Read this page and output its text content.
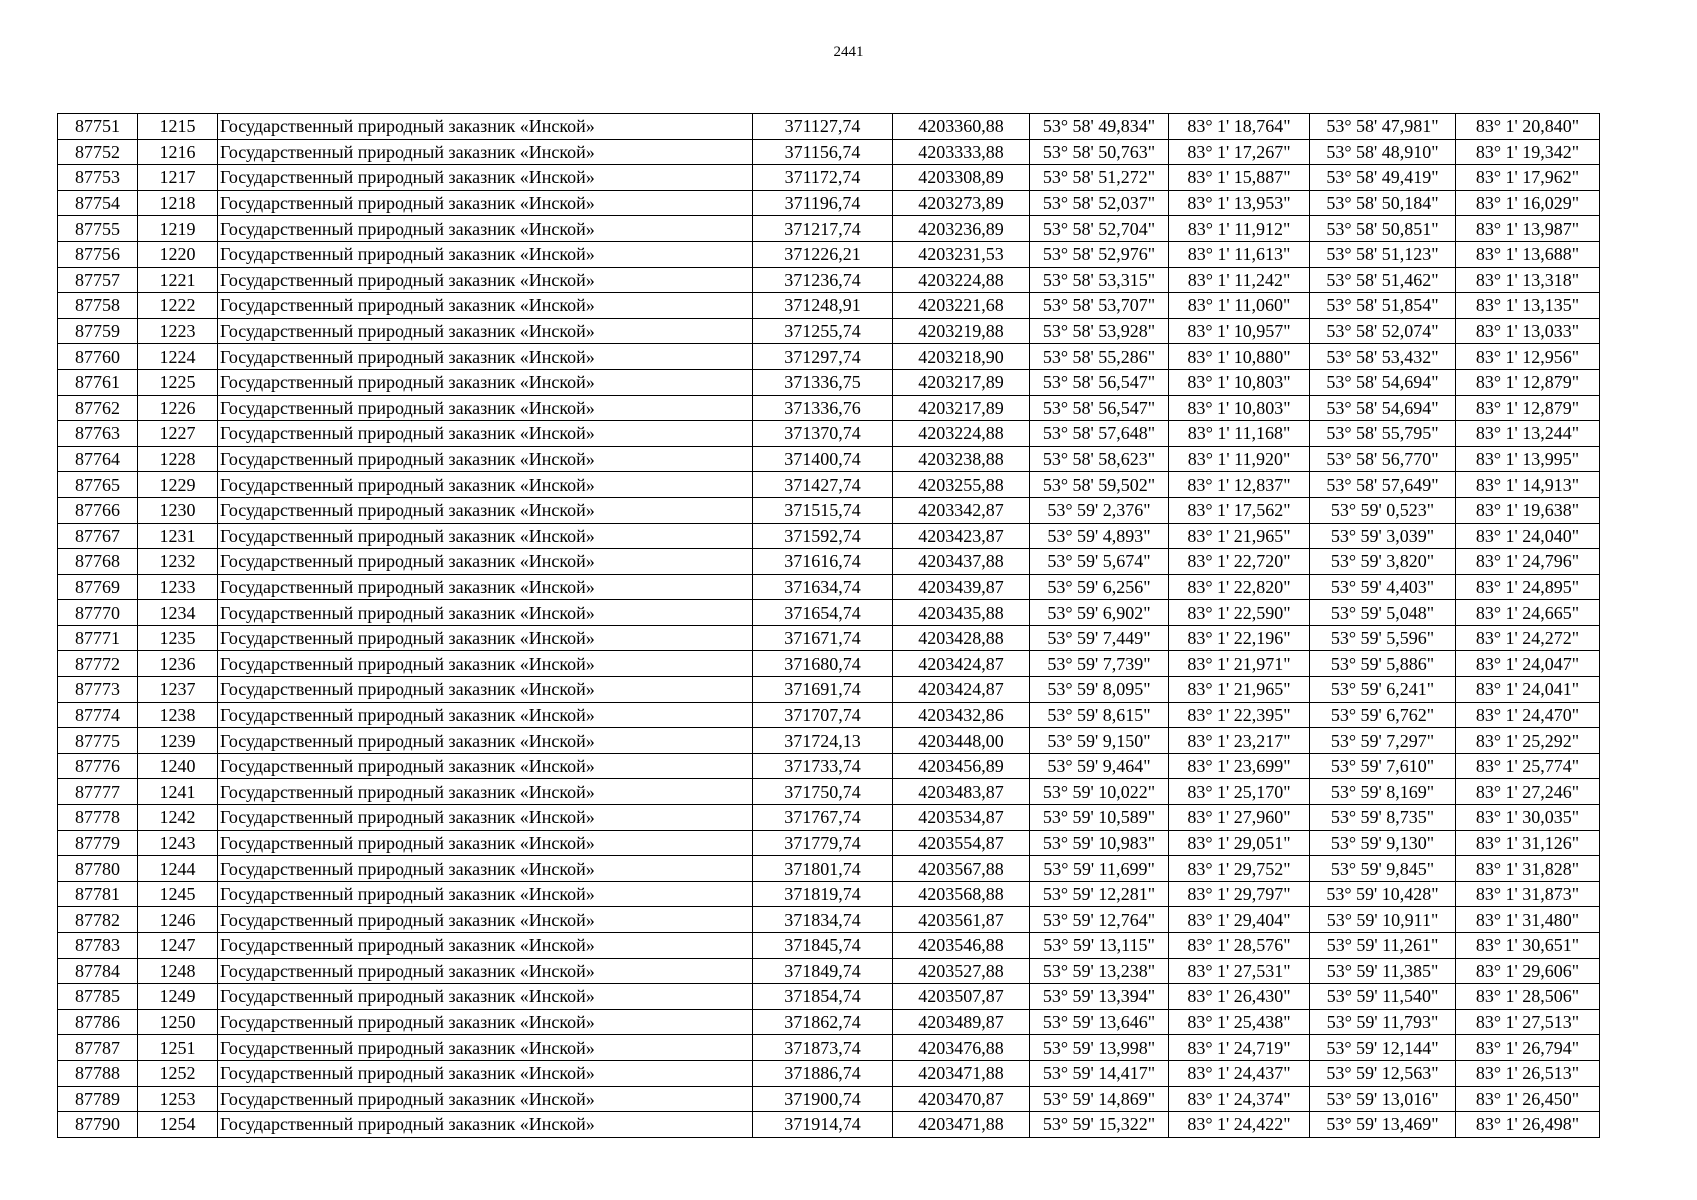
2441
87751	1215	Государственный природный заказник «Инской»	371127,74	4203360,88	53° 58' 49,834"	83° 1' 18,764"	53° 58' 47,981"	83° 1' 20,840"
87752	1216	Государственный природный заказник «Инской»	371156,74	4203333,88	53° 58' 50,763"	83° 1' 17,267"	53° 58' 48,910"	83° 1' 19,342"
87753	1217	Государственный природный заказник «Инской»	371172,74	4203308,89	53° 58' 51,272"	83° 1' 15,887"	53° 58' 49,419"	83° 1' 17,962"
87754	1218	Государственный природный заказник «Инской»	371196,74	4203273,89	53° 58' 52,037"	83° 1' 13,953"	53° 58' 50,184"	83° 1' 16,029"
87755	1219	Государственный природный заказник «Инской»	371217,74	4203236,89	53° 58' 52,704"	83° 1' 11,912"	53° 58' 50,851"	83° 1' 13,987"
87756	1220	Государственный природный заказник «Инской»	371226,21	4203231,53	53° 58' 52,976"	83° 1' 11,613"	53° 58' 51,123"	83° 1' 13,688"
87757	1221	Государственный природный заказник «Инской»	371236,74	4203224,88	53° 58' 53,315"	83° 1' 11,242"	53° 58' 51,462"	83° 1' 13,318"
87758	1222	Государственный природный заказник «Инской»	371248,91	4203221,68	53° 58' 53,707"	83° 1' 11,060"	53° 58' 51,854"	83° 1' 13,135"
87759	1223	Государственный природный заказник «Инской»	371255,74	4203219,88	53° 58' 53,928"	83° 1' 10,957"	53° 58' 52,074"	83° 1' 13,033"
87760	1224	Государственный природный заказник «Инской»	371297,74	4203218,90	53° 58' 55,286"	83° 1' 10,880"	53° 58' 53,432"	83° 1' 12,956"
87761	1225	Государственный природный заказник «Инской»	371336,75	4203217,89	53° 58' 56,547"	83° 1' 10,803"	53° 58' 54,694"	83° 1' 12,879"
87762	1226	Государственный природный заказник «Инской»	371336,76	4203217,89	53° 58' 56,547"	83° 1' 10,803"	53° 58' 54,694"	83° 1' 12,879"
87763	1227	Государственный природный заказник «Инской»	371370,74	4203224,88	53° 58' 57,648"	83° 1' 11,168"	53° 58' 55,795"	83° 1' 13,244"
87764	1228	Государственный природный заказник «Инской»	371400,74	4203238,88	53° 58' 58,623"	83° 1' 11,920"	53° 58' 56,770"	83° 1' 13,995"
87765	1229	Государственный природный заказник «Инской»	371427,74	4203255,88	53° 58' 59,502"	83° 1' 12,837"	53° 58' 57,649"	83° 1' 14,913"
87766	1230	Государственный природный заказник «Инской»	371515,74	4203342,87	53° 59' 2,376"	83° 1' 17,562"	53° 59' 0,523"	83° 1' 19,638"
87767	1231	Государственный природный заказник «Инской»	371592,74	4203423,87	53° 59' 4,893"	83° 1' 21,965"	53° 59' 3,039"	83° 1' 24,040"
87768	1232	Государственный природный заказник «Инской»	371616,74	4203437,88	53° 59' 5,674"	83° 1' 22,720"	53° 59' 3,820"	83° 1' 24,796"
87769	1233	Государственный природный заказник «Инской»	371634,74	4203439,87	53° 59' 6,256"	83° 1' 22,820"	53° 59' 4,403"	83° 1' 24,895"
87770	1234	Государственный природный заказник «Инской»	371654,74	4203435,88	53° 59' 6,902"	83° 1' 22,590"	53° 59' 5,048"	83° 1' 24,665"
87771	1235	Государственный природный заказник «Инской»	371671,74	4203428,88	53° 59' 7,449"	83° 1' 22,196"	53° 59' 5,596"	83° 1' 24,272"
87772	1236	Государственный природный заказник «Инской»	371680,74	4203424,87	53° 59' 7,739"	83° 1' 21,971"	53° 59' 5,886"	83° 1' 24,047"
87773	1237	Государственный природный заказник «Инской»	371691,74	4203424,87	53° 59' 8,095"	83° 1' 21,965"	53° 59' 6,241"	83° 1' 24,041"
87774	1238	Государственный природный заказник «Инской»	371707,74	4203432,86	53° 59' 8,615"	83° 1' 22,395"	53° 59' 6,762"	83° 1' 24,470"
87775	1239	Государственный природный заказник «Инской»	371724,13	4203448,00	53° 59' 9,150"	83° 1' 23,217"	53° 59' 7,297"	83° 1' 25,292"
87776	1240	Государственный природный заказник «Инской»	371733,74	4203456,89	53° 59' 9,464"	83° 1' 23,699"	53° 59' 7,610"	83° 1' 25,774"
87777	1241	Государственный природный заказник «Инской»	371750,74	4203483,87	53° 59' 10,022"	83° 1' 25,170"	53° 59' 8,169"	83° 1' 27,246"
87778	1242	Государственный природный заказник «Инской»	371767,74	4203534,87	53° 59' 10,589"	83° 1' 27,960"	53° 59' 8,735"	83° 1' 30,035"
87779	1243	Государственный природный заказник «Инской»	371779,74	4203554,87	53° 59' 10,983"	83° 1' 29,051"	53° 59' 9,130"	83° 1' 31,126"
87780	1244	Государственный природный заказник «Инской»	371801,74	4203567,88	53° 59' 11,699"	83° 1' 29,752"	53° 59' 9,845"	83° 1' 31,828"
87781	1245	Государственный природный заказник «Инской»	371819,74	4203568,88	53° 59' 12,281"	83° 1' 29,797"	53° 59' 10,428"	83° 1' 31,873"
87782	1246	Государственный природный заказник «Инской»	371834,74	4203561,87	53° 59' 12,764"	83° 1' 29,404"	53° 59' 10,911"	83° 1' 31,480"
87783	1247	Государственный природный заказник «Инской»	371845,74	4203546,88	53° 59' 13,115"	83° 1' 28,576"	53° 59' 11,261"	83° 1' 30,651"
87784	1248	Государственный природный заказник «Инской»	371849,74	4203527,88	53° 59' 13,238"	83° 1' 27,531"	53° 59' 11,385"	83° 1' 29,606"
87785	1249	Государственный природный заказник «Инской»	371854,74	4203507,87	53° 59' 13,394"	83° 1' 26,430"	53° 59' 11,540"	83° 1' 28,506"
87786	1250	Государственный природный заказник «Инской»	371862,74	4203489,87	53° 59' 13,646"	83° 1' 25,438"	53° 59' 11,793"	83° 1' 27,513"
87787	1251	Государственный природный заказник «Инской»	371873,74	4203476,88	53° 59' 13,998"	83° 1' 24,719"	53° 59' 12,144"	83° 1' 26,794"
87788	1252	Государственный природный заказник «Инской»	371886,74	4203471,88	53° 59' 14,417"	83° 1' 24,437"	53° 59' 12,563"	83° 1' 26,513"
87789	1253	Государственный природный заказник «Инской»	371900,74	4203470,87	53° 59' 14,869"	83° 1' 24,374"	53° 59' 13,016"	83° 1' 26,450"
87790	1254	Государственный природный заказник «Инской»	371914,74	4203471,88	53° 59' 15,322"	83° 1' 24,422"	53° 59' 13,469"	83° 1' 26,498"
